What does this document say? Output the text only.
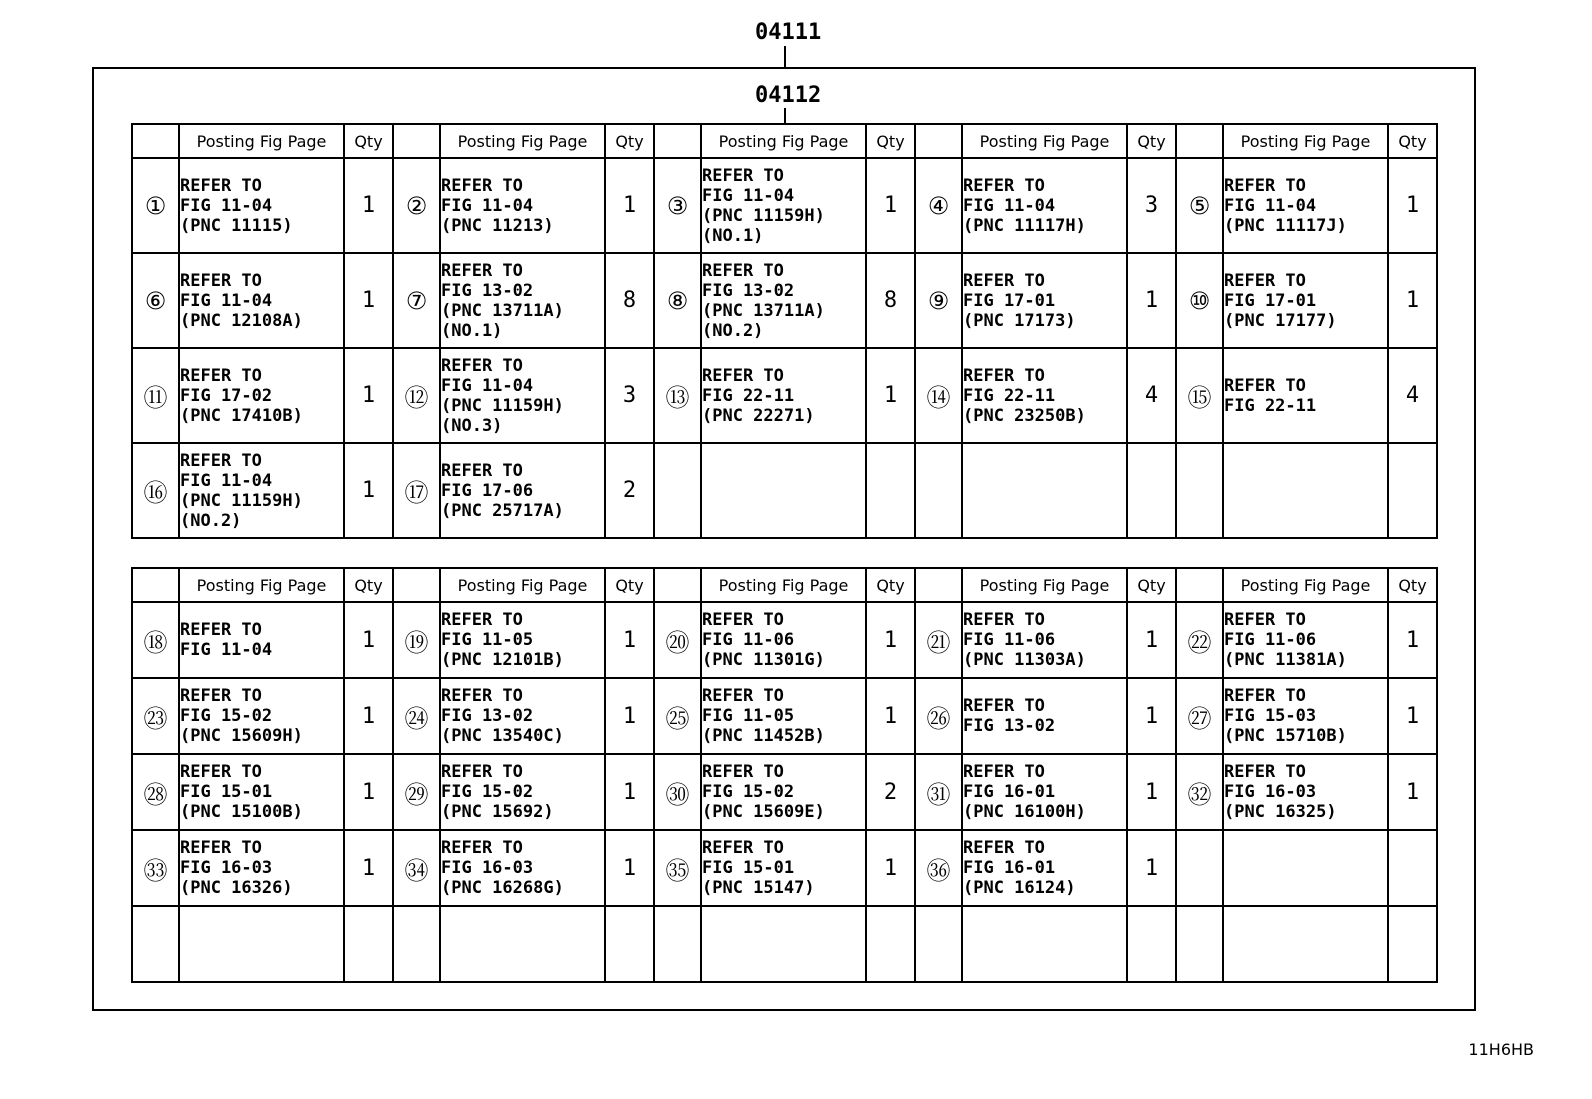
04111
04112
	Posting Fig Page	Qty		Posting Fig Page	Qty		Posting Fig Page	Qty		Posting Fig Page	Qty		Posting Fig Page	Qty
①	REFER TO
FIG 11-04
(PNC 11115)	1	②	REFER TO
FIG 11-04
(PNC 11213)	1	③	REFER TO
FIG 11-04
(PNC 11159H)
(NO.1)	1	④	REFER TO
FIG 11-04
(PNC 11117H)	3	⑤	REFER TO
FIG 11-04
(PNC 11117J)	1
⑥	REFER TO
FIG 11-04
(PNC 12108A)	1	⑦	REFER TO
FIG 13-02
(PNC 13711A)
(NO.1)	8	⑧	REFER TO
FIG 13-02
(PNC 13711A)
(NO.2)	8	⑨	REFER TO
FIG 17-01
(PNC 17173)	1	⑩	REFER TO
FIG 17-01
(PNC 17177)	1
⑪	REFER TO
FIG 17-02
(PNC 17410B)	1	⑫	REFER TO
FIG 11-04
(PNC 11159H)
(NO.3)	3	⑬	REFER TO
FIG 22-11
(PNC 22271)	1	⑭	REFER TO
FIG 22-11
(PNC 23250B)	4	⑮	REFER TO
FIG 22-11	4
⑯	REFER TO
FIG 11-04
(PNC 11159H)
(NO.2)	1	⑰	REFER TO
FIG 17-06
(PNC 25717A)	2									
	Posting Fig Page	Qty		Posting Fig Page	Qty		Posting Fig Page	Qty		Posting Fig Page	Qty		Posting Fig Page	Qty
⑱	REFER TO
FIG 11-04	1	⑲	REFER TO
FIG 11-05
(PNC 12101B)	1	⑳	REFER TO
FIG 11-06
(PNC 11301G)	1	㉑	REFER TO
FIG 11-06
(PNC 11303A)	1	㉒	REFER TO
FIG 11-06
(PNC 11381A)	1
㉓	REFER TO
FIG 15-02
(PNC 15609H)	1	㉔	REFER TO
FIG 13-02
(PNC 13540C)	1	㉕	REFER TO
FIG 11-05
(PNC 11452B)	1	㉖	REFER TO
FIG 13-02	1	㉗	REFER TO
FIG 15-03
(PNC 15710B)	1
㉘	REFER TO
FIG 15-01
(PNC 15100B)	1	㉙	REFER TO
FIG 15-02
(PNC 15692)	1	㉚	REFER TO
FIG 15-02
(PNC 15609E)	2	㉛	REFER TO
FIG 16-01
(PNC 16100H)	1	㉜	REFER TO
FIG 16-03
(PNC 16325)	1
㉝	REFER TO
FIG 16-03
(PNC 16326)	1	㉞	REFER TO
FIG 16-03
(PNC 16268G)	1	㉟	REFER TO
FIG 15-01
(PNC 15147)	1	㊱	REFER TO
FIG 16-01
(PNC 16124)	1			

11H6HB
